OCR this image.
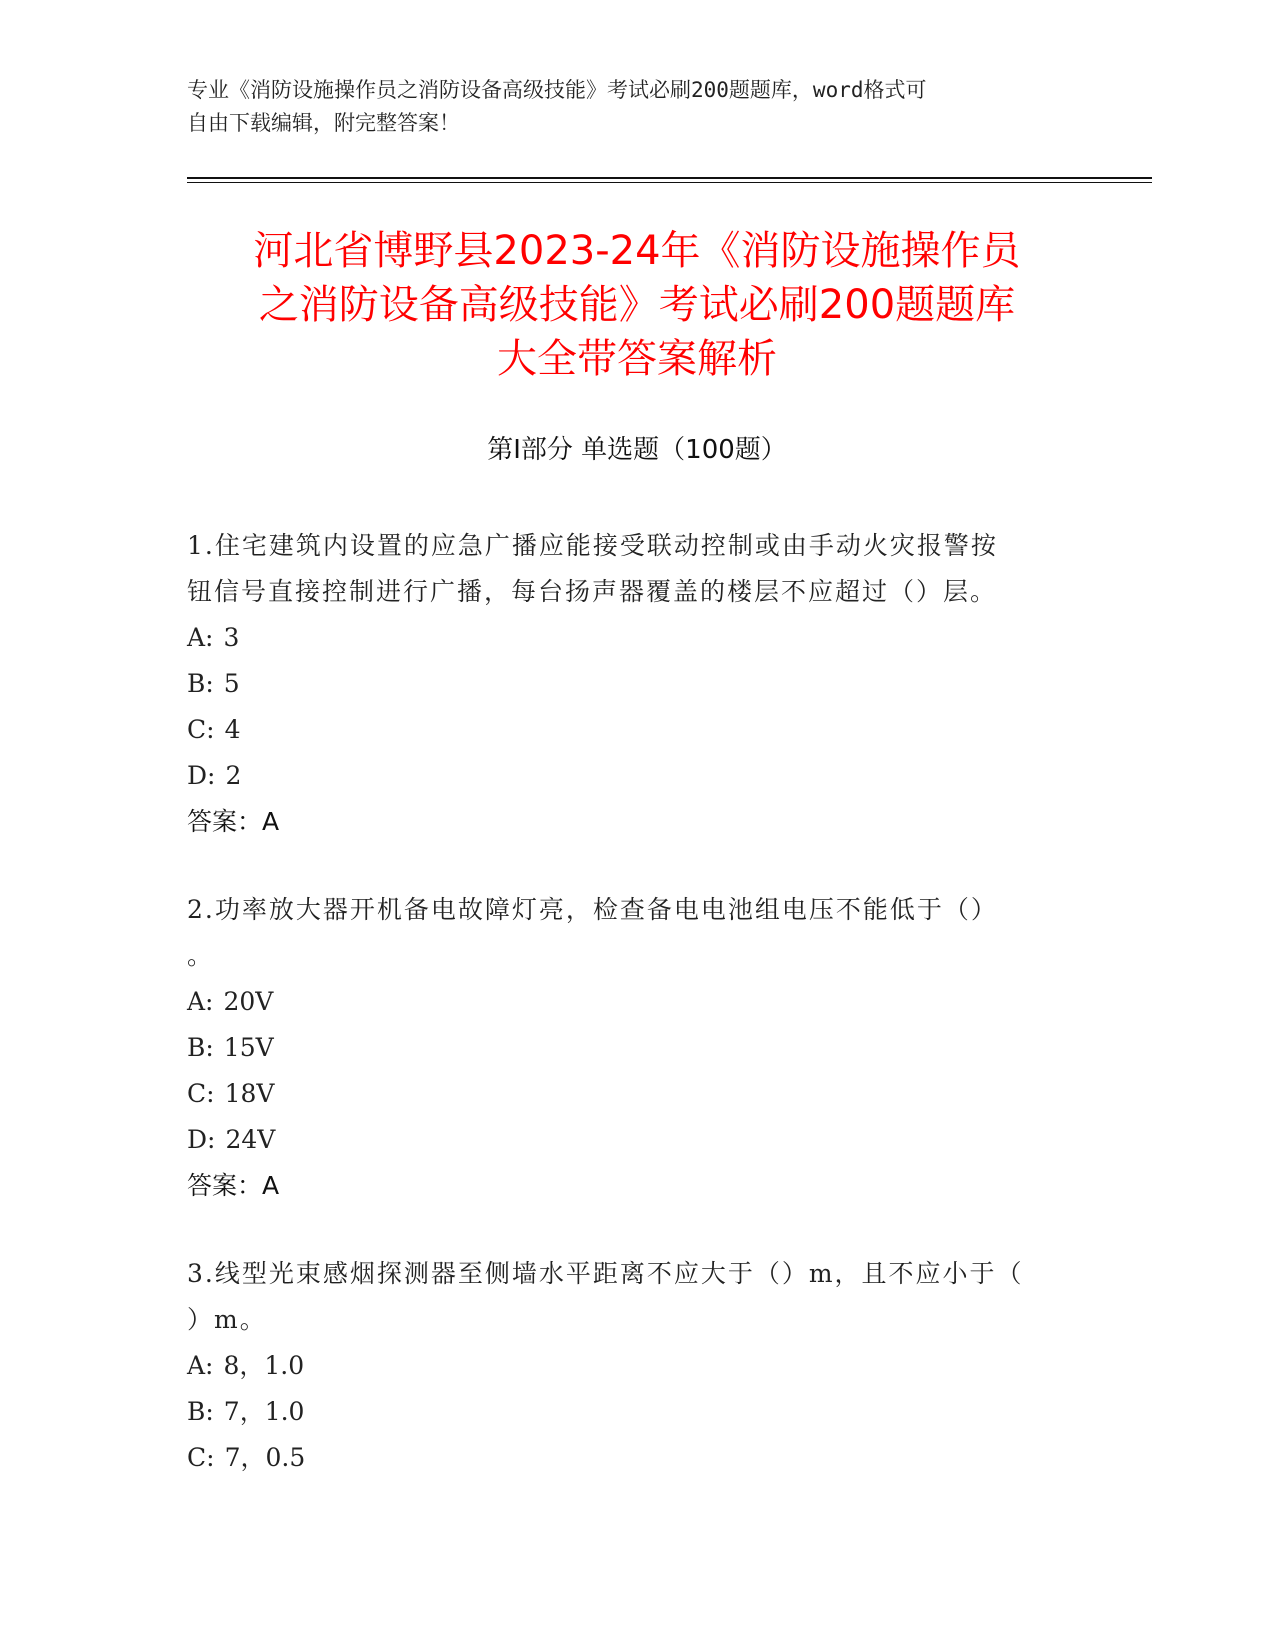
专业《消防设施操作员之消防设备高级技能》考试必刷200题题库，word格式可
自由下载编辑，附完整答案！
河北省博野县2023-24年《消防设施操作员
之消防设备高级技能》考试必刷200题题库
大全带答案解析
第Ⅰ部分 单选题（100题）

1.住宅建筑内设置的应急广播应能接受联动控制或由手动火灾报警按
钮信号直接控制进行广播，每台扬声器覆盖的楼层不应超过（）层。

A: 3

B: 5

C: 4

D: 2

答案：A

2.功率放大器开机备电故障灯亮，检查备电电池组电压不能低于（）
。

A: 20V

B: 15V

C: 18V

D: 24V

答案：A

3.线型光束感烟探测器至侧墙水平距离不应大于（）m，且不应小于（
）m。

A: 8，1.0

B: 7，1.0

C: 7，0.5
